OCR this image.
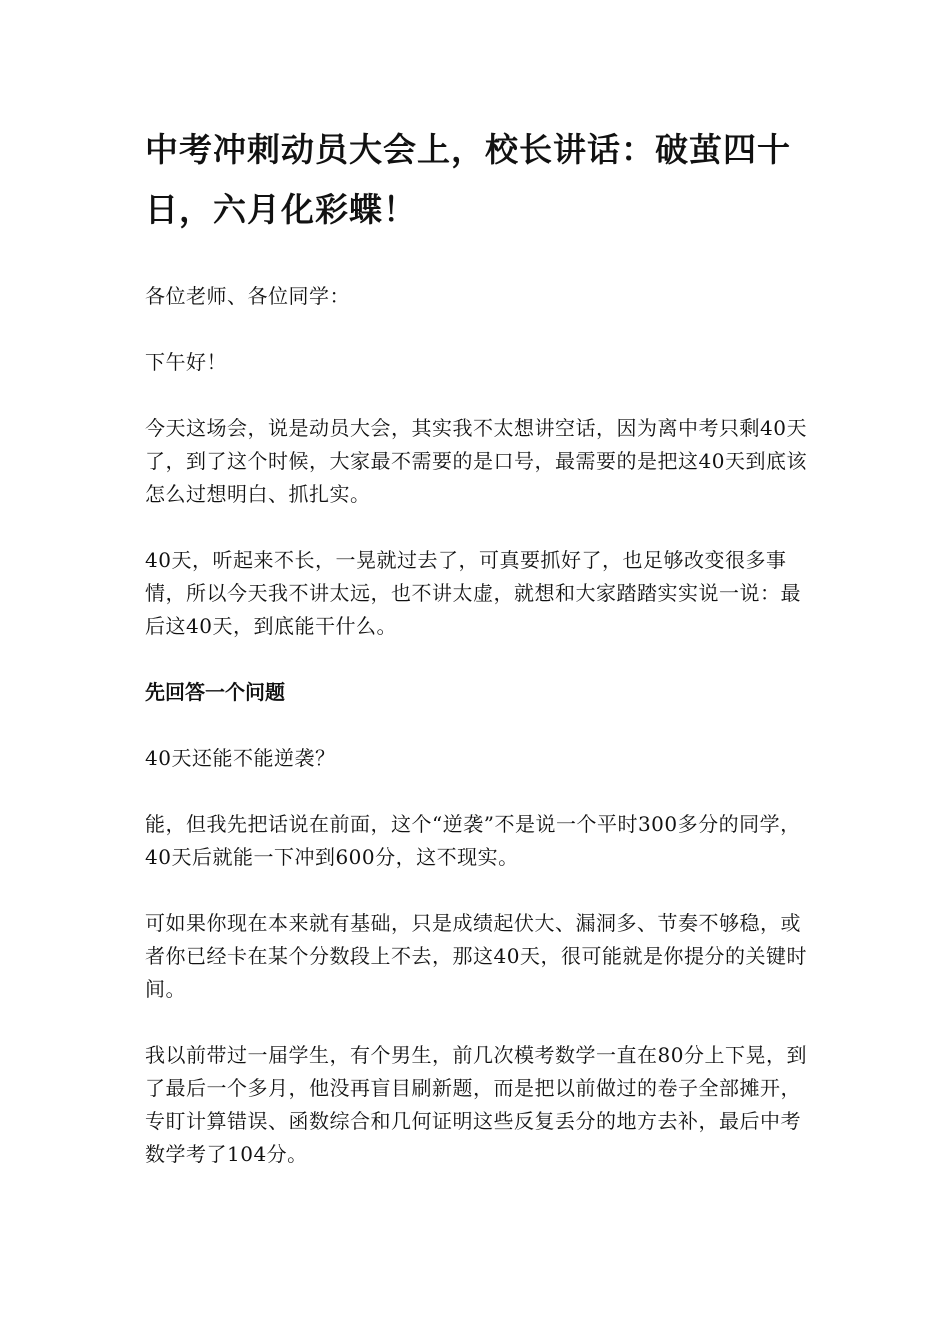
中考冲刺动员大会上，校长讲话：破茧四十日，六月化彩蝶！

各位老师、各位同学：

下午好！

今天这场会，说是动员大会，其实我不太想讲空话，因为离中考只剩40天了，到了这个时候，大家最不需要的是口号，最需要的是把这40天到底该怎么过想明白、抓扎实。

40天，听起来不长，一晃就过去了，可真要抓好了，也足够改变很多事情，所以今天我不讲太远，也不讲太虚，就想和大家踏踏实实说一说：最后这40天，到底能干什么。

先回答一个问题

40天还能不能逆袭？

能，但我先把话说在前面，这个“逆袭”不是说一个平时300多分的同学，40天后就能一下冲到600分，这不现实。

可如果你现在本来就有基础，只是成绩起伏大、漏洞多、节奏不够稳，或者你已经卡在某个分数段上不去，那这40天，很可能就是你提分的关键时间。

我以前带过一届学生，有个男生，前几次模考数学一直在80分上下晃，到了最后一个多月，他没再盲目刷新题，而是把以前做过的卷子全部摊开，专盯计算错误、函数综合和几何证明这些反复丢分的地方去补，最后中考数学考了104分。
